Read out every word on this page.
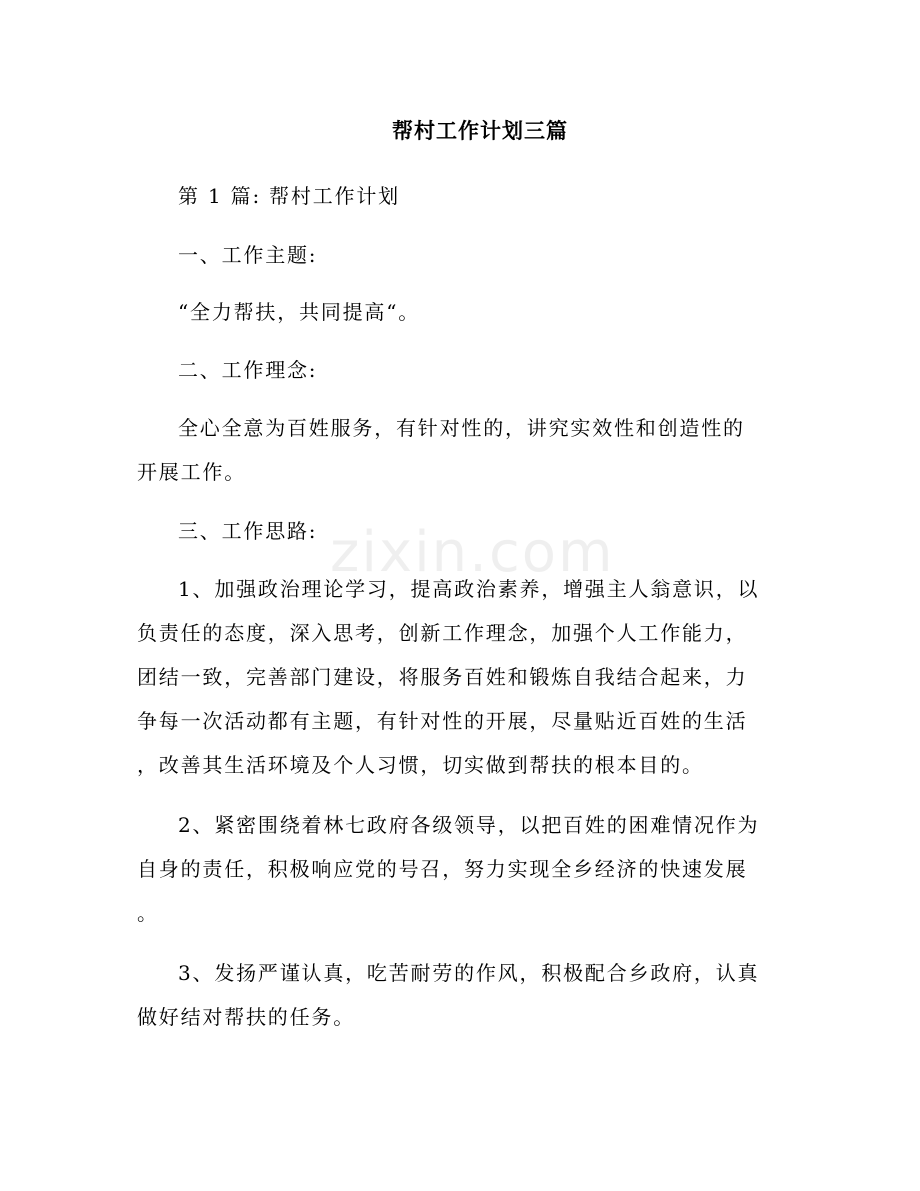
zixin.com
帮村工作计划三篇
第 1 篇: 帮村工作计划
一、工作主题:
“全力帮扶，共同提高“。
二、工作理念:
全心全意为百姓服务，有针对性的，讲究实效性和创造性的
开展工作。
三、工作思路:
1、加强政治理论学习，提高政治素养，增强主人翁意识，以
负责任的态度，深入思考，创新工作理念，加强个人工作能力，
团结一致，完善部门建设，将服务百姓和锻炼自我结合起来，力
争每一次活动都有主题，有针对性的开展，尽量贴近百姓的生活
，改善其生活环境及个人习惯，切实做到帮扶的根本目的。
2、紧密围绕着林七政府各级领导，以把百姓的困难情况作为
自身的责任，积极响应党的号召，努力实现全乡经济的快速发展
。
3、发扬严谨认真，吃苦耐劳的作风，积极配合乡政府，认真
做好结对帮扶的任务。
